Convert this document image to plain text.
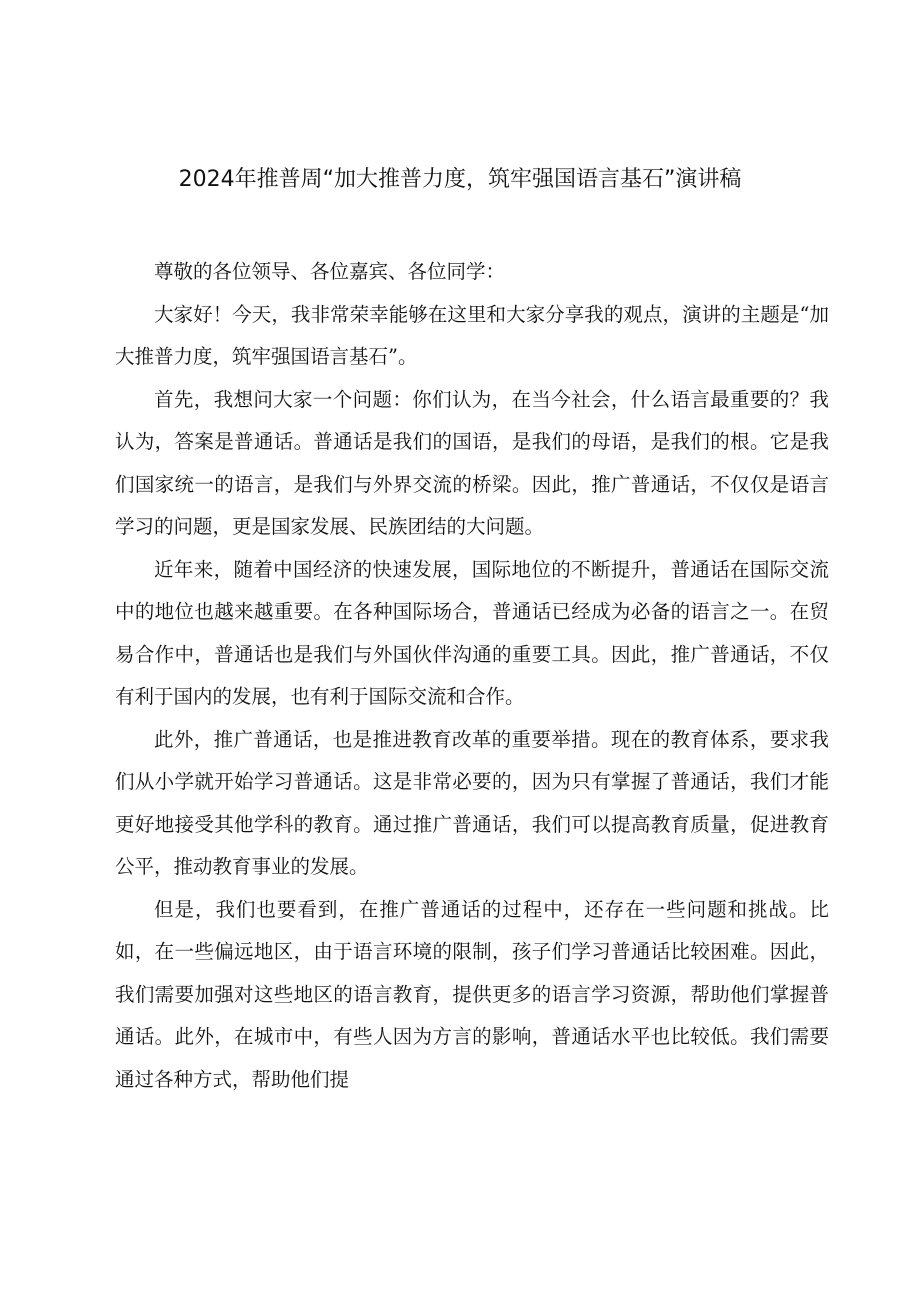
2024年推普周“加大推普力度，筑牢强国语言基石”演讲稿

尊敬的各位领导、各位嘉宾、各位同学：

大家好！今天，我非常荣幸能够在这里和大家分享我的观点，演讲的主题是“加大推普力度，筑牢强国语言基石”。

首先，我想问大家一个问题：你们认为，在当今社会，什么语言最重要的？我认为，答案是普通话。普通话是我们的国语，是我们的母语，是我们的根。它是我们国家统一的语言，是我们与外界交流的桥梁。因此，推广普通话，不仅仅是语言学习的问题，更是国家发展、民族团结的大问题。

近年来，随着中国经济的快速发展，国际地位的不断提升，普通话在国际交流中的地位也越来越重要。在各种国际场合，普通话已经成为必备的语言之一。在贸易合作中，普通话也是我们与外国伙伴沟通的重要工具。因此，推广普通话，不仅有利于国内的发展，也有利于国际交流和合作。

此外，推广普通话，也是推进教育改革的重要举措。现在的教育体系，要求我们从小学就开始学习普通话。这是非常必要的，因为只有掌握了普通话，我们才能更好地接受其他学科的教育。通过推广普通话，我们可以提高教育质量，促进教育公平，推动教育事业的发展。

但是，我们也要看到，在推广普通话的过程中，还存在一些问题和挑战。比如，在一些偏远地区，由于语言环境的限制，孩子们学习普通话比较困难。因此，我们需要加强对这些地区的语言教育，提供更多的语言学习资源，帮助他们掌握普通话。此外，在城市中，有些人因为方言的影响，普通话水平也比较低。我们需要通过各种方式，帮助他们提
